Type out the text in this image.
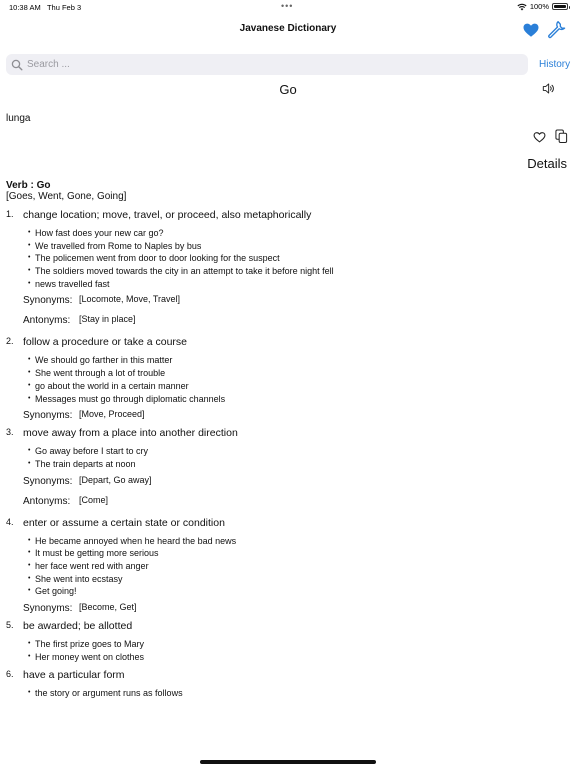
10:38 AM Thu Feb 3	•••	100%
Javanese Dictionary
Search ...
History
Go
lunga
Details
Verb : Go
[Goes, Went, Gone, Going]
1. change location; move, travel, or proceed, also metaphorically
• How fast does your new car go?
• We travelled from Rome to Naples by bus
• The policemen went from door to door looking for the suspect
• The soldiers moved towards the city in an attempt to take it before night fell
• news travelled fast
Synonyms: [Locomote, Move, Travel]
Antonyms: [Stay in place]
2. follow a procedure or take a course
• We should go farther in this matter
• She went through a lot of trouble
• go about the world in a certain manner
• Messages must go through diplomatic channels
Synonyms: [Move, Proceed]
3. move away from a place into another direction
• Go away before I start to cry
• The train departs at noon
Synonyms: [Depart, Go away]
Antonyms: [Come]
4. enter or assume a certain state or condition
• He became annoyed when he heard the bad news
• It must be getting more serious
• her face went red with anger
• She went into ecstasy
• Get going!
Synonyms: [Become, Get]
5. be awarded; be allotted
• The first prize goes to Mary
• Her money went on clothes
6. have a particular form
• the story or argument runs as follows
